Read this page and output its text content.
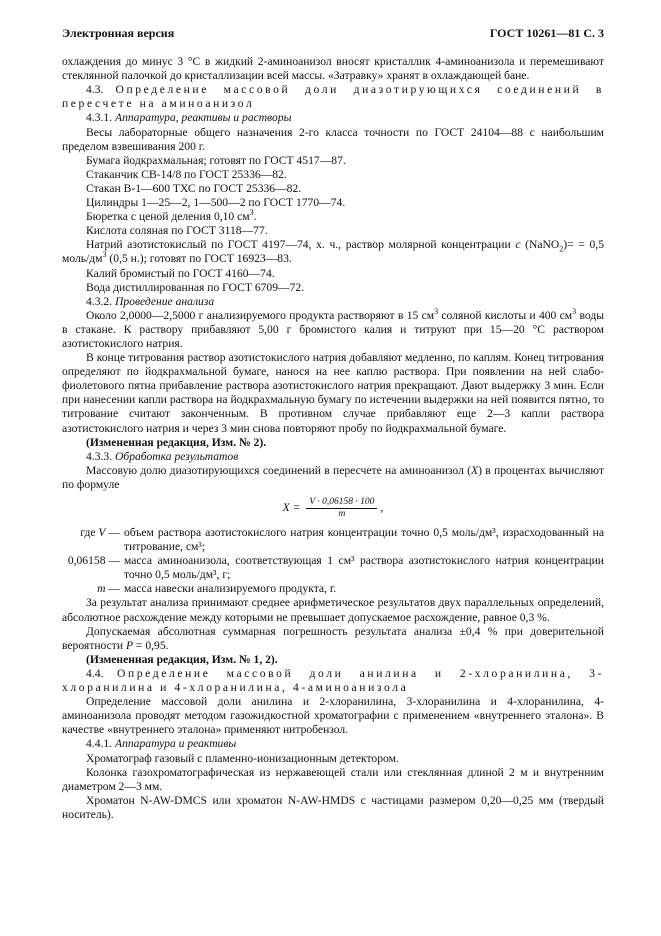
Электронная версия	ГОСТ 10261—81 С. 3

охлаждения до минус 3 °С в жидкий 2-аминоанизол вносят кристаллик 4-аминоанизола и перемешивают стеклянной палочкой до кристаллизации всей массы. «Затравку» хранят в охлаждающей бане.

4.3. Определение массовой доли диазотирующихся соединений в пересчете на аминоанизол

4.3.1. Аппаратура, реактивы и растворы

Весы лабораторные общего назначения 2-го класса точности по ГОСТ 24104—88 с наибольшим пределом взвешивания 200 г.

Бумага йодкрахмальная; готовят по ГОСТ 4517—87.

Стаканчик СВ-14/8 по ГОСТ 25336—82.

Стакан В-1—600 ТХС по ГОСТ 25336—82.

Цилиндры 1—25—2, 1—500—2 по ГОСТ 1770—74.

Бюретка с ценой деления 0,10 $см^3$.

Кислота соляная по ГОСТ 3118—77.

Натрий азотистокислый по ГОСТ 4197—74, х. ч., раствор молярной концентрации c (NaNO$_2$)= = 0,5 моль/$дм^3$ (0,5 н.); готовят по ГОСТ 16923—83.

Калий бромистый по ГОСТ 4160—74.

Вода дистиллированная по ГОСТ 6709—72.

4.3.2. Проведение анализа

Около 2,0000—2,5000 г анализируемого продукта растворяют в 15 $см^3$ соляной кислоты и 400 $см^3$ воды в стакане. К раствору прибавляют 5,00 г бромистого калия и титруют при 15—20 °С раствором азотистокислого натрия.

В конце титрования раствор азотистокислого натрия добавляют медленно, по каплям. Конец титрования определяют по йодкрахмальной бумаге, нанося на нее каплю раствора. При появлении на ней слабо-фиолетового пятна прибавление раствора азотистокислого натрия прекращают. Дают выдержку 3 мин. Если при нанесении капли раствора на йодкрахмальную бумагу по истечении выдержки на ней появится пятно, то титрование считают законченным. В противном случае прибавляют еще 2—3 капли раствора азотистокислого натрия и через 3 мин снова повторяют пробу по йодкрахмальной бумаге.

(Измененная редакция, Изм. № 2).

4.3.3. Обработка результатов

Массовую долю диазотирующихся соединений в пересчете на аминоанизол (X) в процентах вычисляют по формуле

$X = \frac{V \cdot 0,06158 \cdot 100}{m}$ ,
где V — объем раствора азотистокислого натрия концентрации точно 0,5 моль/дм³, израсходованный на титрование, см³;
0,06158 — масса аминоанизола, соответствующая 1 см³ раствора азотистокислого натрия концентрации точно 0,5 моль/дм³, г;
m — масса навески анализируемого продукта, г.

За результат анализа принимают среднее арифметическое результатов двух параллельных определений, абсолютное расхождение между которыми не превышает допускаемое расхождение, равное 0,3 %.

Допускаемая абсолютная суммарная погрешность результата анализа ±0,4 % при доверительной вероятности P = 0,95.

(Измененная редакция, Изм. № 1, 2).

4.4. Определение массовой доли анилина и 2-хлоранилина, 3-хлоранилина и 4-хлоранилина, 4-аминоанизола

Определение массовой доли анилина и 2-хлоранилина, 3-хлоранилина и 4-хлоранилина, 4-аминоанизола проводят методом газожидкостной хроматографии с применением «внутреннего эталона». В качестве «внутреннего эталона» применяют нитробензол.

4.4.1. Аппаратура и реактивы

Хроматограф газовый с пламенно-ионизационным детектором.

Колонка газохроматографическая из нержавеющей стали или стеклянная длиной 2 м и внутренним диаметром 2—3 мм.

Хроматон N-AW-DMCS или хроматон N-AW-HMDS с частицами размером 0,20—0,25 мм (твердый носитель).
